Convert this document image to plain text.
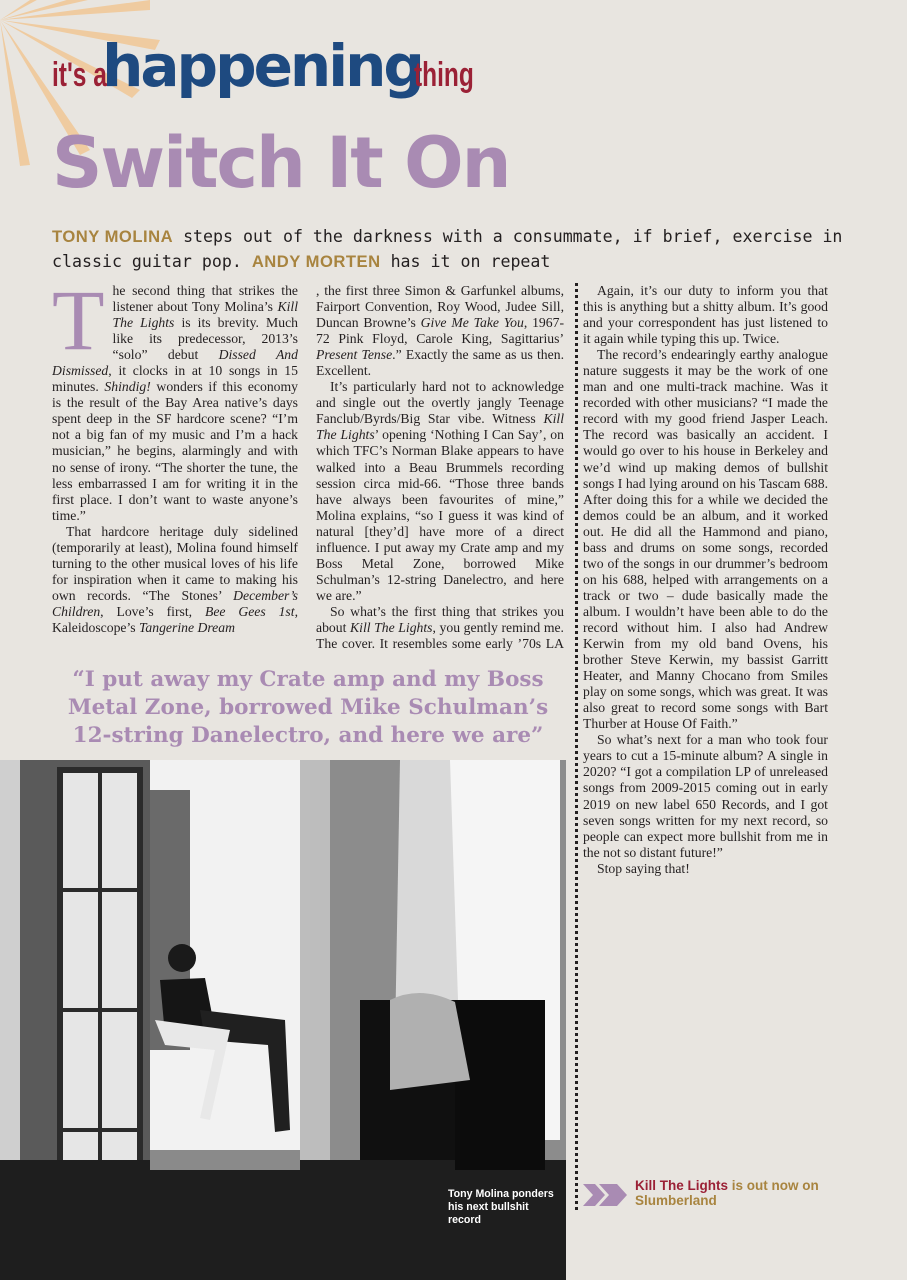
it's ahappeningthing
Switch It On
TONY MOLINA steps out of the darkness with a consummate, if brief, exercise in classic guitar pop. ANDY MORTEN has it on repeat

The second thing that strikes the listener about Tony Molina’s Kill The Lights is its brevity. Much like its predecessor, 2013’s “solo” debut Dissed And Dismissed, it clocks in at 10 songs in 15 minutes. Shindig! wonders if this economy is the result of the Bay Area native’s days spent deep in the SF hardcore scene? “I’m not a big fan of my music and I’m a hack musician,” he begins, alarmingly and with no sense of irony. “The shorter the tune, the less embarrassed I am for writing it in the first place. I don’t want to waste anyone’s time.”

That hardcore heritage duly sidelined (temporarily at least), Molina found himself turning to the other musical loves of his life for inspiration when it came to making his own records. “The Stones’ December’s Children, Love’s first, Bee Gees 1st, Kaleidoscope’s Tangerine Dream

, the first three Simon & Garfunkel albums, Fairport Convention, Roy Wood, Judee Sill, Duncan Browne’s Give Me Take You, 1967-72 Pink Floyd, Carole King, Sagittarius’ Present Tense.” Exactly the same as us then. Excellent.

It’s particularly hard not to acknowledge and single out the overtly jangly Teenage Fanclub/Byrds/Big Star vibe. Witness Kill The Lights’ opening ‘Nothing I Can Say’, on which TFC’s Norman Blake appears to have walked into a Beau Brummels recording session circa mid-66. “Those three bands have always been favourites of mine,” Molina explains, “so I guess it was kind of natural [they’d] have more of a direct influence. I put away my Crate amp and my Boss Metal Zone, borrowed Mike Schulman’s 12-string Danelectro, and here we are.”

So what’s the first thing that strikes you about Kill The Lights, you gently remind me. The cover. It resembles some early ’70s LA

Again, it’s our duty to inform you that this is anything but a shitty album. It’s good and your correspondent has just listened to it again while typing this up. Twice.

The record’s endearingly earthy analogue nature suggests it may be the work of one man and one multi-track machine. Was it recorded with other musicians? “I made the record with my good friend Jasper Leach. The record was basically an accident. I would go over to his house in Berkeley and we’d wind up making demos of bullshit songs I had lying around on his Tascam 688. After doing this for a while we decided the demos could be an album, and it worked out. He did all the Hammond and piano, bass and drums on some songs, recorded two of the songs in our drummer’s bedroom on his 688, helped with arrangements on a track or two – dude basically made the album. I wouldn’t have been able to do the record without him. I also had Andrew Kerwin from my old band Ovens, his brother Steve Kerwin, my bassist Garritt Heater, and Manny Chocano from Smiles play on some songs, which was great. It was also great to record some songs with Bart Thurber at House Of Faith.”

So what’s next for a man who took four years to cut a 15-minute album? A single in 2020? “I got a compilation LP of unreleased songs from 2009-2015 coming out in early 2019 on new label 650 Records, and I got seven songs written for my next record, so people can expect more bullshit from me in the not so distant future!”

Stop saying that!

“I put away my Crate amp and my Boss Metal Zone, borrowed Mike Schulman’s 12-string Danelectro, and here we are”
Tony Molina ponders his next bullshit record
Kill The Lights is out now on
Slumberland
